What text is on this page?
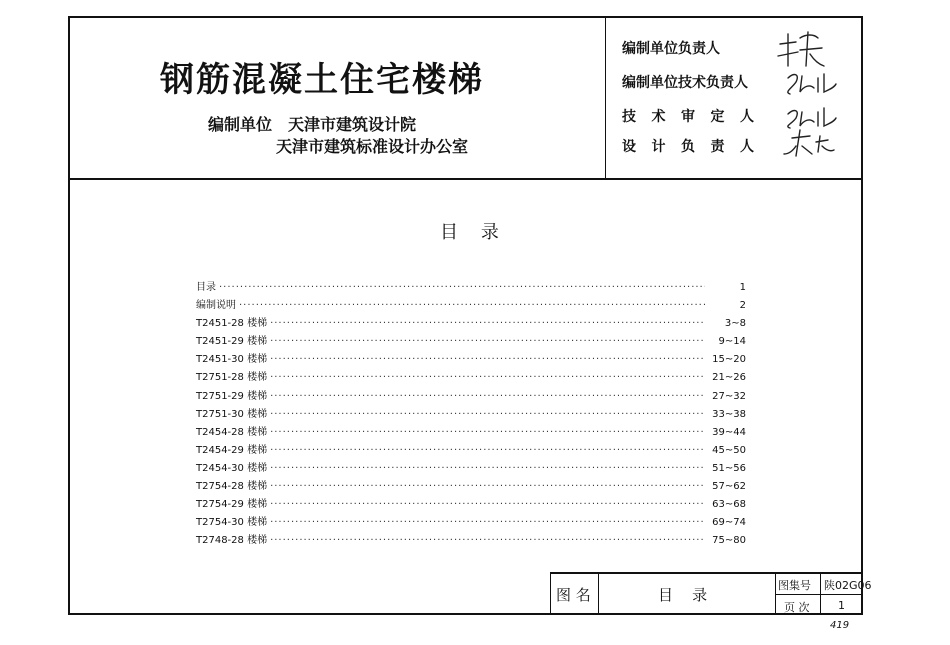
钢筋混凝土住宅楼梯
编制单位 天津市建筑设计院
天津市建筑标准设计办公室
编制单位负责人
编制单位技术负责人
技 术 审 定 人
设 计 负 责 人
目    录
目录 ·····	1
编制说明 ·····	2
T2451-28 楼梯 ·····	3~8
T2451-29 楼梯 ·····	9~14
T2451-30 楼梯 ·····	15~20
T2751-28 楼梯 ·····	21~26
T2751-29 楼梯 ·····	27~32
T2751-30 楼梯 ·····	33~38
T2454-28 楼梯 ·····	39~44
T2454-29 楼梯 ·····	45~50
T2454-30 楼梯 ·····	51~56
T2754-28 楼梯 ·····	57~62
T2754-29 楼梯 ·····	63~68
T2754-30 楼梯 ·····	69~74
T2748-28 楼梯 ·····	75~80
图 名	目    录
图集号 陕02G06
页 次	1
419
